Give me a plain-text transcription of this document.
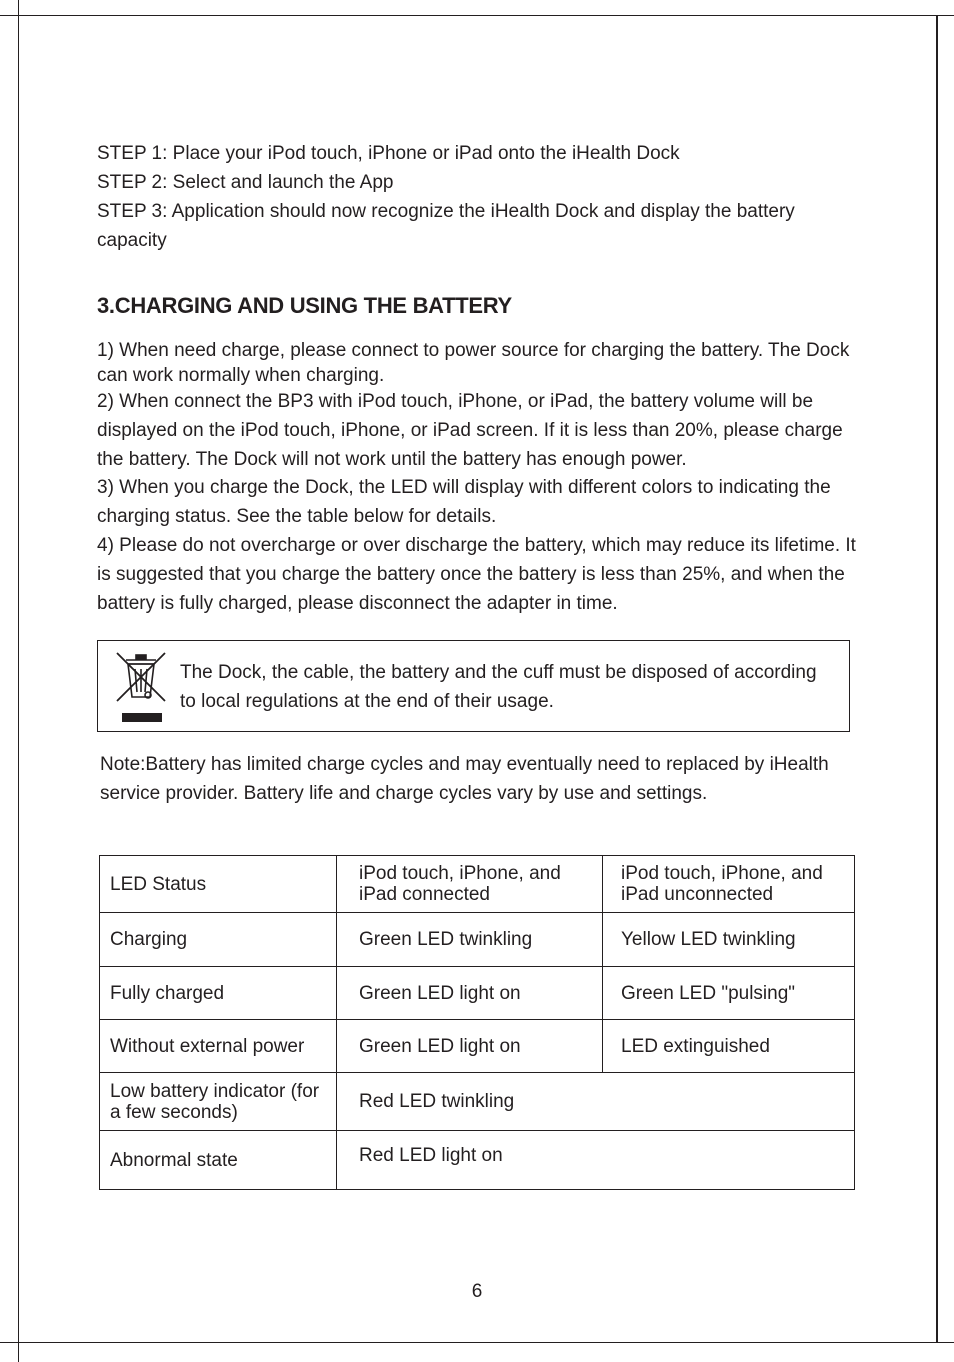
STEP 1: Place your iPod touch, iPhone or iPad onto the iHealth Dock

STEP 2: Select and launch the App

STEP 3: Application should now recognize the iHealth Dock and display the battery capacity

3.CHARGING AND USING THE BATTERY

1) When need charge, please connect to power source for charging the battery. The Dock can work normally when charging.

2) When connect the BP3 with iPod touch, iPhone, or iPad, the battery volume will be displayed on the iPod touch, iPhone, or iPad screen. If it is less than 20%, please charge the battery. The Dock will not work until the battery has enough power.

3) When you charge the Dock, the LED will display with different colors to indicating the charging status. See the table below for details.

4) Please do not overcharge or over discharge the battery, which may reduce its lifetime. It is suggested that you charge the battery once the battery is less than 25%, and when the battery is fully charged, please disconnect the adapter in time.

The Dock, the cable, the battery and the cuff must be disposed of according to local regulations at the end of their usage.
Note:Battery has limited charge cycles and may eventually need to replaced by iHealth service provider. Battery life and charge cycles vary by use and settings.
LED Status	iPod touch, iPhone, and iPad connected	iPod touch, iPhone, and iPad unconnected
Charging	Green LED twinkling	Yellow LED twinkling
Fully charged	Green LED light on	Green LED "pulsing"
Without external power	Green LED light on	LED extinguished
Low battery indicator (for a few seconds)	Red LED twinkling	
Abnormal state	Red LED light on	
6
